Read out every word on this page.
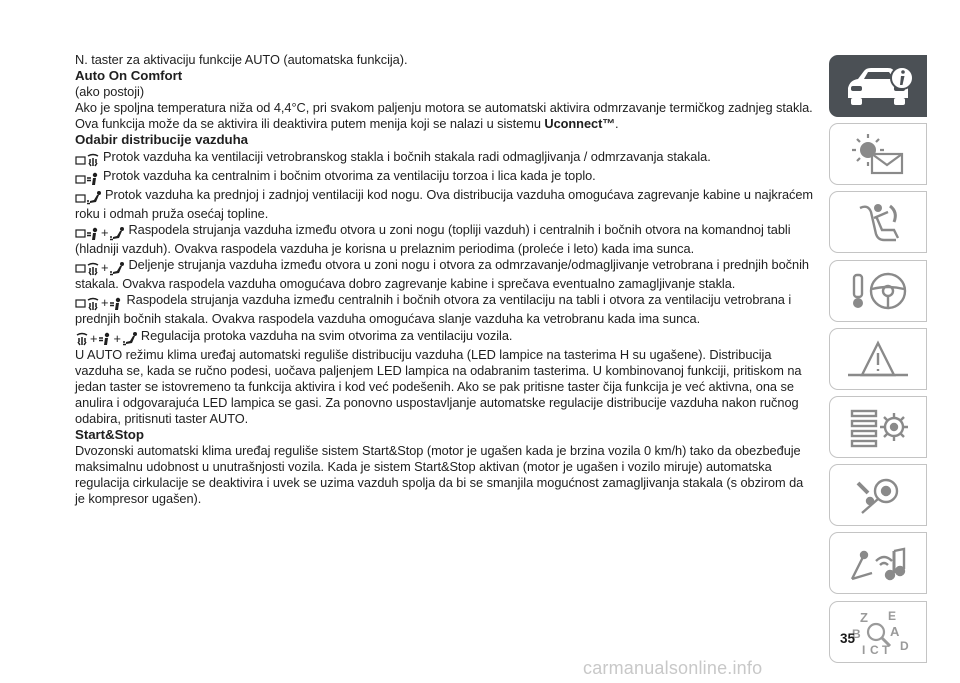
N. taster za aktivaciju funkcije AUTO (automatska funkcija).

Auto On Comfort

(ako postoji)

Ako je spoljna temperatura niža od 4,4°C, pri svakom paljenju motora se automatski aktivira odmrzavanje termičkog zadnjeg stakla. Ova funkcija može da se aktivira ili deaktivira putem menija koji se nalazi u sistemu Uconnect™.

Odabir distribucije vazduha

Protok vazduha ka ventilaciji vetrobranskog stakla i bočnih stakala radi odmagljivanja / odmrzavanja stakala.

Protok vazduha ka centralnim i bočnim otvorima za ventilaciju torzoa i lica kada je toplo.

Protok vazduha ka prednjoj i zadnjoj ventilaciji kod nogu. Ova distribucija vazduha omogućava zagrevanje kabine u najkraćem roku i odmah pruža osećaj topline.

+ Raspodela strujanja vazduha između otvora u zoni nogu (topliji vazduh) i centralnih i bočnih otvora na komandnoj tabli (hladniji vazduh). Ovakva raspodela vazduha je korisna u prelaznim periodima (proleće i leto) kada ima sunca.

+ Deljenje strujanja vazduha između otvora u zoni nogu i otvora za odmrzavanje/odmagljivanje vetrobrana i prednjih bočnih stakala. Ovakva raspodela vazduha omogućava dobro zagrevanje kabine i sprečava eventualno zamagljivanje stakla.

+ Raspodela strujanja vazduha između centralnih i bočnih otvora za ventilaciju na tabli i otvora za ventilaciju vetrobrana i prednjih bočnih stakala. Ovakva raspodela vazduha omogućava slanje vazduha ka vetrobranu kada ima sunca.

+ + Regulacija protoka vazduha na svim otvorima za ventilaciju vozila.

U AUTO režimu klima uređaj automatski reguliše distribuciju vazduha (LED lampice na tasterima H su ugašene). Distribucija vazduha se, kada se ručno podesi, uočava paljenjem LED lampica na odabranim tasterima. U kombinovanoj funkciji, pritiskom na jedan taster se istovremeno ta funkcija aktivira i kod već podešenih. Ako se pak pritisne taster čija funkcija je već aktivna, ona se anulira i odgovarajuća LED lampica se gasi. Za ponovno uspostavljanje automatske regulacije distribucije vazduha nakon ručnog odabira, pritisnuti taster AUTO.

Start&Stop

Dvozonski automatski klima uređaj reguliše sistem Start&Stop (motor je ugašen kada je brzina vozila 0 km/h) tako da obezbeđuje maksimalnu udobnost u unutrašnjosti vozila. Kada je sistem Start&Stop aktivan (motor je ugašen i vozilo miruje) automatska regulacija cirkulacije se deaktivira i uvek se uzima vazduh spolja da bi se smanjila mogućnost zamagljivanja stakala (s obzirom da je kompresor ugašen).

Z E
B A
I C T D
35
carmanualsonline.info
